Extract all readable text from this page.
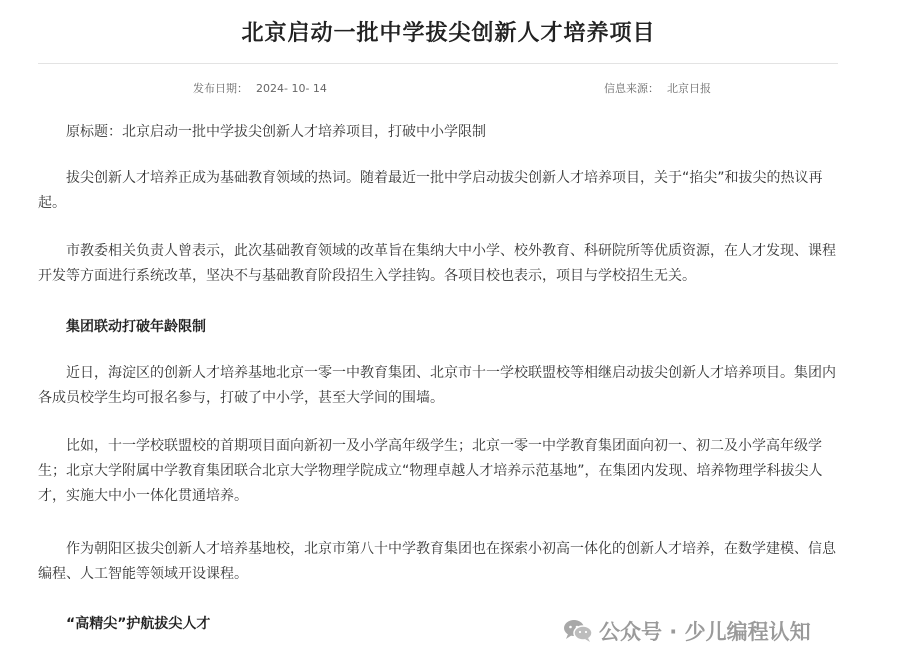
北京启动一批中学拔尖创新人才培养项目
发布日期： 2024- 10- 14	信息来源： 北京日报

原标题：北京启动一批中学拔尖创新人才培养项目，打破中小学限制

拔尖创新人才培养正成为基础教育领域的热词。随着最近一批中学启动拔尖创新人才培养项目，关于“掐尖”和拔尖的热议再起。

市教委相关负责人曾表示，此次基础教育领域的改革旨在集纳大中小学、校外教育、科研院所等优质资源，在人才发现、课程开发等方面进行系统改革，坚决不与基础教育阶段招生入学挂钩。各项目校也表示，项目与学校招生无关。

集团联动打破年龄限制

近日，海淀区的创新人才培养基地北京一零一中教育集团、北京市十一学校联盟校等相继启动拔尖创新人才培养项目。集团内各成员校学生均可报名参与，打破了中小学，甚至大学间的围墙。

比如，十一学校联盟校的首期项目面向新初一及小学高年级学生；北京一零一中学教育集团面向初一、初二及小学高年级学生；北京大学附属中学教育集团联合北京大学物理学院成立“物理卓越人才培养示范基地”，在集团内发现、培养物理学科拔尖人才，实施大中小一体化贯通培养。

作为朝阳区拔尖创新人才培养基地校，北京市第八十中学教育集团也在探索小初高一体化的创新人才培养，在数学建模、信息编程、人工智能等领域开设课程。

“高精尖”护航拔尖人才	公众号 · 少儿编程认知
